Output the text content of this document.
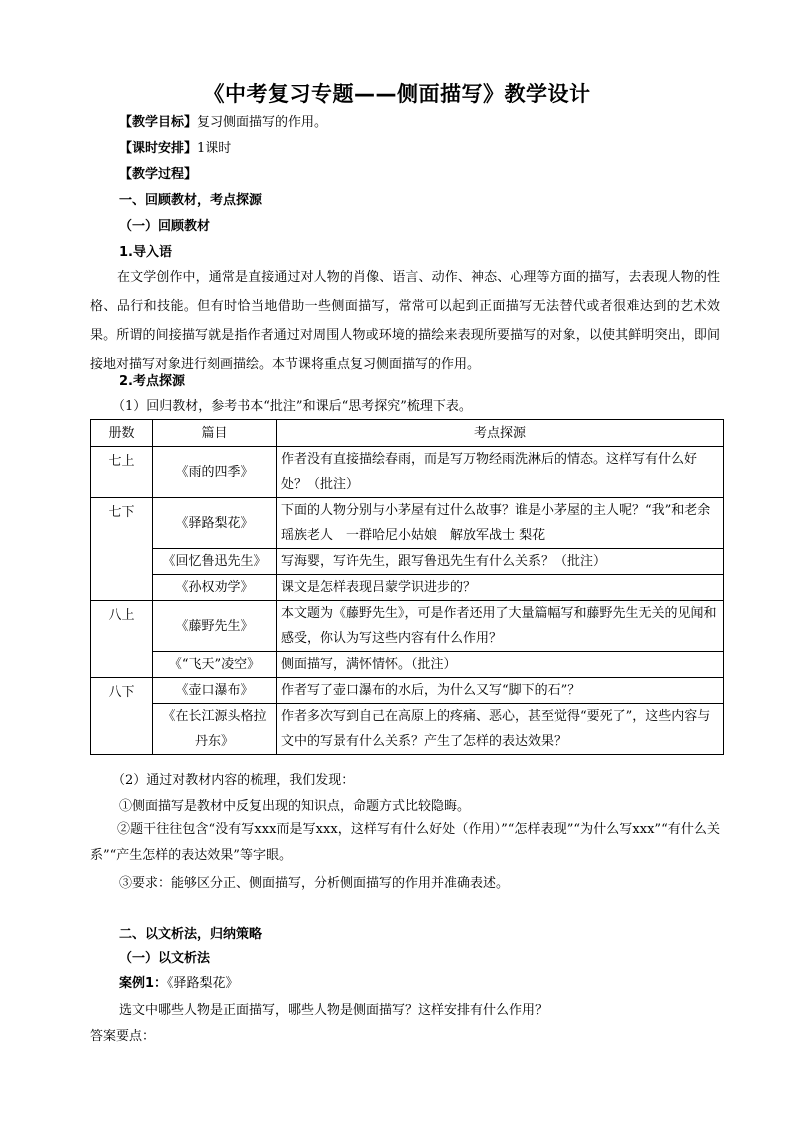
《中考复习专题——侧面描写》教学设计
【教学目标】复习侧面描写的作用。
【课时安排】1课时
【教学过程】
一、回顾教材，考点探源
（一）回顾教材
1.导入语
在文学创作中，通常是直接通过对人物的肖像、语言、动作、神态、心理等方面的描写，去表现人物的性格、品行和技能。但有时恰当地借助一些侧面描写，常常可以起到正面描写无法替代或者很难达到的艺术效果。所谓的间接描写就是指作者通过对周围人物或环境的描绘来表现所要描写的对象，以使其鲜明突出，即间接地对描写对象进行刻画描绘。本节课将重点复习侧面描写的作用。
2.考点探源
（1）回归教材，参考书本“批注”和课后“思考探究”梳理下表。
册数	篇目	考点探源
七上	《雨的四季》	作者没有直接描绘春雨，而是写万物经雨洗淋后的情态。这样写有什么好处？（批注）
七下	《驿路梨花》	下面的人物分别与小茅屋有过什么故事？谁是小茅屋的主人呢？“我”和老余　瑶族老人　一群哈尼小姑娘　解放军战士 梨花
	《回忆鲁迅先生》	写海婴，写许先生，跟写鲁迅先生有什么关系？（批注）
	《孙权劝学》	课文是怎样表现吕蒙学识进步的？
八上	《藤野先生》	本文题为《藤野先生》，可是作者还用了大量篇幅写和藤野先生无关的见闻和感受，你认为写这些内容有什么作用？
	《“飞天”凌空》	侧面描写，满怀情怀。（批注）
八下	《壶口瀑布》	作者写了壶口瀑布的水后，为什么又写“脚下的石”？
	《在长江源头格拉丹东》	作者多次写到自己在高原上的疼痛、恶心，甚至觉得“要死了”，这些内容与文中的写景有什么关系？产生了怎样的表达效果？
（2）通过对教材内容的梳理，我们发现：
①侧面描写是教材中反复出现的知识点，命题方式比较隐晦。
②题干往往包含“没有写xxx而是写xxx，这样写有什么好处（作用）”“怎样表现”“为什么写xxx”“有什么关系”“产生怎样的表达效果”等字眼。
③要求：能够区分正、侧面描写，分析侧面描写的作用并准确表述。
二、以文析法，归纳策略
（一）以文析法
案例1：《驿路梨花》
选文中哪些人物是正面描写，哪些人物是侧面描写？这样安排有什么作用？
答案要点：
